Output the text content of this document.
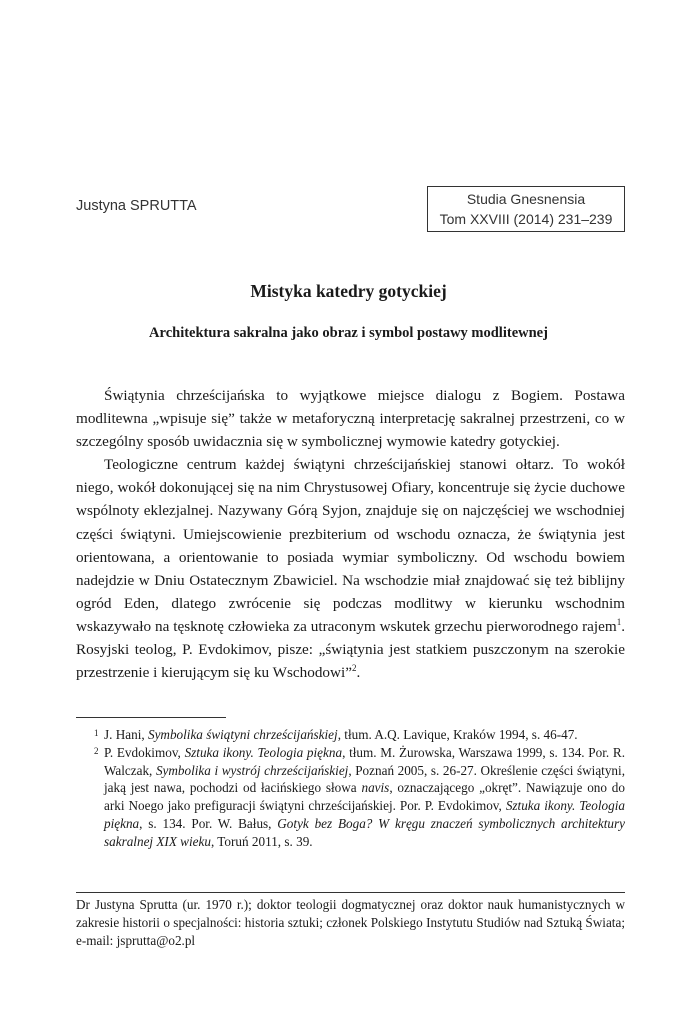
Justyna SPRUTTA	Studia Gnesnensia
Tom XXVIII (2014) 231–239
Mistyka katedry gotyckiej
Architektura sakralna jako obraz i symbol postawy modlitewnej

Świątynia chrześcijańska to wyjątkowe miejsce dialogu z Bogiem. Postawa modlitewna „wpisuje się” także w metaforyczną interpretację sakralnej przestrzeni, co w szczególny sposób uwidacznia się w symbolicznej wymowie katedry gotyckiej.

Teologiczne centrum każdej świątyni chrześcijańskiej stanowi ołtarz. To wokół niego, wokół dokonującej się na nim Chrystusowej Ofiary, koncentruje się życie duchowe wspólnoty eklezjalnej. Nazywany Górą Syjon, znajduje się on najczęściej we wschodniej części świątyni. Umiejscowienie prezbiterium od wschodu oznacza, że świątynia jest orientowana, a orientowanie to posiada wymiar symboliczny. Od wschodu bowiem nadejdzie w Dniu Ostatecznym Zbawiciel. Na wschodzie miał znajdować się też biblijny ogród Eden, dlatego zwrócenie się podczas modlitwy w kierunku wschodnim wskazywało na tęsknotę człowieka za utraconym wskutek grzechu pierworodnego rajem$^1$. Rosyjski teolog, P. Evdokimov, pisze: „świątynia jest statkiem puszczonym na szerokie przestrzenie i kierującym się ku Wschodowi”$^2$.

1 J. Hani, Symbolika świątyni chrześcijańskiej, tłum. A.Q. Lavique, Kraków 1994, s. 46-47.

2 P. Evdokimov, Sztuka ikony. Teologia piękna, tłum. M. Żurowska, Warszawa 1999, s. 134. Por. R. Walczak, Symbolika i wystrój chrześcijańskiej, Poznań 2005, s. 26-27. Określenie części świątyni, jaką jest nawa, pochodzi od łacińskiego słowa navis, oznaczającego „okręt”. Nawiązuje ono do arki Noego jako prefiguracji świątyni chrześcijańskiej. Por. P. Evdokimov, Sztuka ikony. Teologia piękna, s. 134. Por. W. Bałus, Gotyk bez Boga? W kręgu znaczeń symbolicznych architektury sakralnej XIX wieku, Toruń 2011, s. 39.

Dr Justyna Sprutta (ur. 1970 r.); doktor teologii dogmatycznej oraz doktor nauk humanistycznych w zakresie historii o specjalności: historia sztuki; członek Polskiego Instytutu Studiów nad Sztuką Świata; e-mail: jsprutta@o2.pl
